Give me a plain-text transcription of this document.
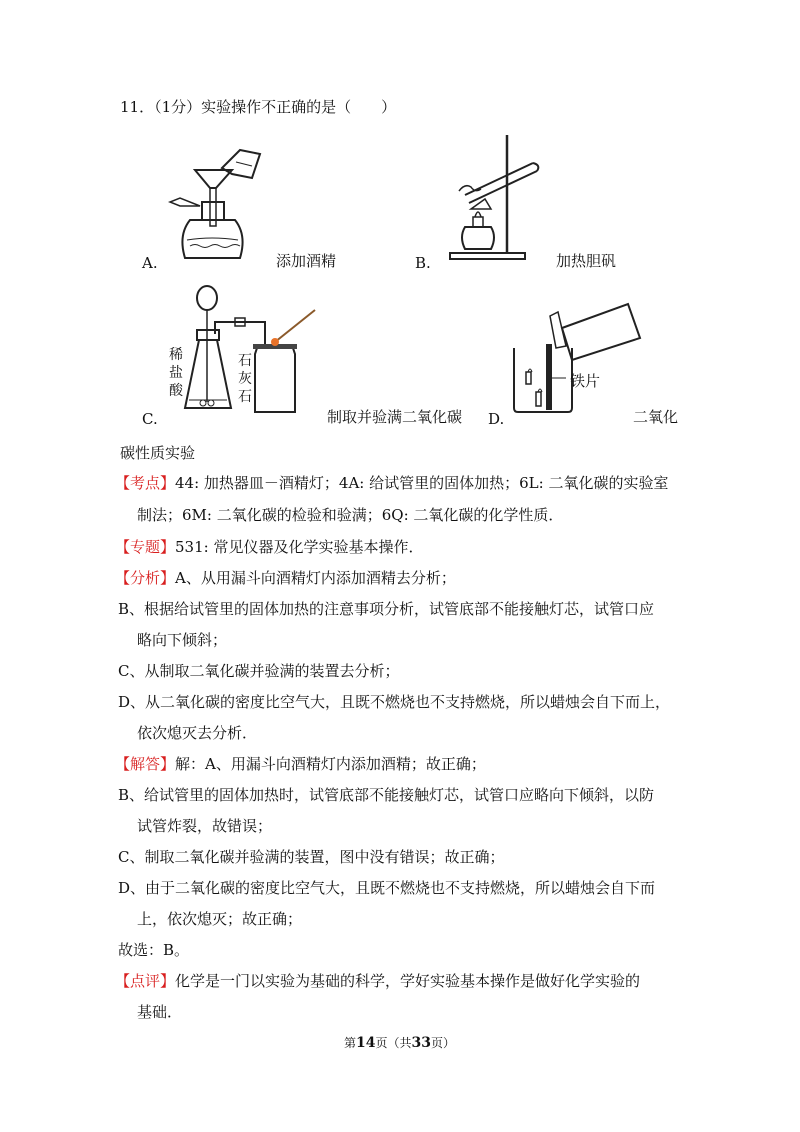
11．（1分）实验操作不正确的是（　　）
A.	添加酒精	B.	加热胆矾
稀
盐
酸
石
灰
石
C.	制取并验满二氧化碳
铁片
D.	二氧化
碳性质实验
【考点】44: 加热器皿－酒精灯；4A: 给试管里的固体加热；6L: 二氧化碳的实验室
制法；6M: 二氧化碳的检验和验满；6Q: 二氧化碳的化学性质．
【专题】531: 常见仪器及化学实验基本操作．
【分析】A、从用漏斗向酒精灯内添加酒精去分析；
B、根据给试管里的固体加热的注意事项分析，试管底部不能接触灯芯，试管口应
略向下倾斜；
C、从制取二氧化碳并验满的装置去分析；
D、从二氧化碳的密度比空气大，且既不燃烧也不支持燃烧，所以蜡烛会自下而上，
依次熄灭去分析．
【解答】解：A、用漏斗向酒精灯内添加酒精；故正确；
B、给试管里的固体加热时，试管底部不能接触灯芯，试管口应略向下倾斜，以防
试管炸裂，故错误；
C、制取二氧化碳并验满的装置，图中没有错误；故正确；
D、由于二氧化碳的密度比空气大，且既不燃烧也不支持燃烧，所以蜡烛会自下而
上，依次熄灭；故正确；
故选：B。
【点评】化学是一门以实验为基础的科学，学好实验基本操作是做好化学实验的
基础．
第14页（共33页）
